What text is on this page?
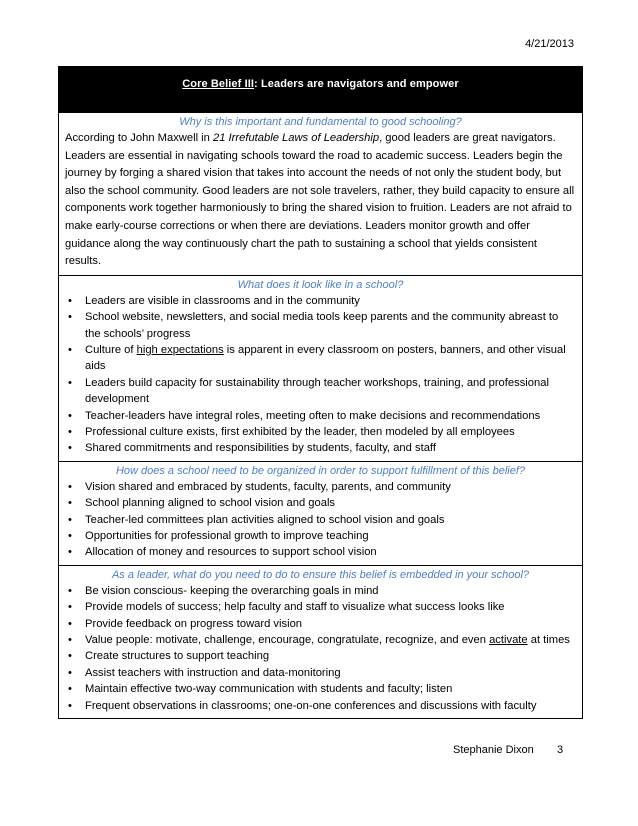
4/21/2013
Core Belief III: Leaders are navigators and empower
Why is this important and fundamental to good schooling?
According to John Maxwell in 21 Irrefutable Laws of Leadership, good leaders are great navigators. Leaders are essential in navigating schools toward the road to academic success. Leaders begin the journey by forging a shared vision that takes into account the needs of not only the student body, but also the school community. Good leaders are not sole travelers, rather, they build capacity to ensure all components work together harmoniously to bring the shared vision to fruition. Leaders are not afraid to make early-course corrections or when there are deviations. Leaders monitor growth and offer guidance along the way continuously chart the path to sustaining a school that yields consistent results.
What does it look like in a school?
• Leaders are visible in classrooms and in the community
• School website, newsletters, and social media tools keep parents and the community abreast to the schools’ progress
• Culture of high expectations is apparent in every classroom on posters, banners, and other visual aids
• Leaders build capacity for sustainability through teacher workshops, training, and professional development
• Teacher-leaders have integral roles, meeting often to make decisions and recommendations
• Professional culture exists, first exhibited by the leader, then modeled by all employees
• Shared commitments and responsibilities by students, faculty, and staff
How does a school need to be organized in order to support fulfillment of this belief?
• Vision shared and embraced by students, faculty, parents, and community
• School planning aligned to school vision and goals
• Teacher-led committees plan activities aligned to school vision and goals
• Opportunities for professional growth to improve teaching
• Allocation of money and resources to support school vision
As a leader, what do you need to do to ensure this belief is embedded in your school?
• Be vision conscious- keeping the overarching goals in mind
• Provide models of success; help faculty and staff to visualize what success looks like
• Provide feedback on progress toward vision
• Value people: motivate, challenge, encourage, congratulate, recognize, and even activate at times
• Create structures to support teaching
• Assist teachers with instruction and data-monitoring
• Maintain effective two-way communication with students and faculty; listen
• Frequent observations in classrooms; one-on-one conferences and discussions with faculty
Stephanie Dixon 3
